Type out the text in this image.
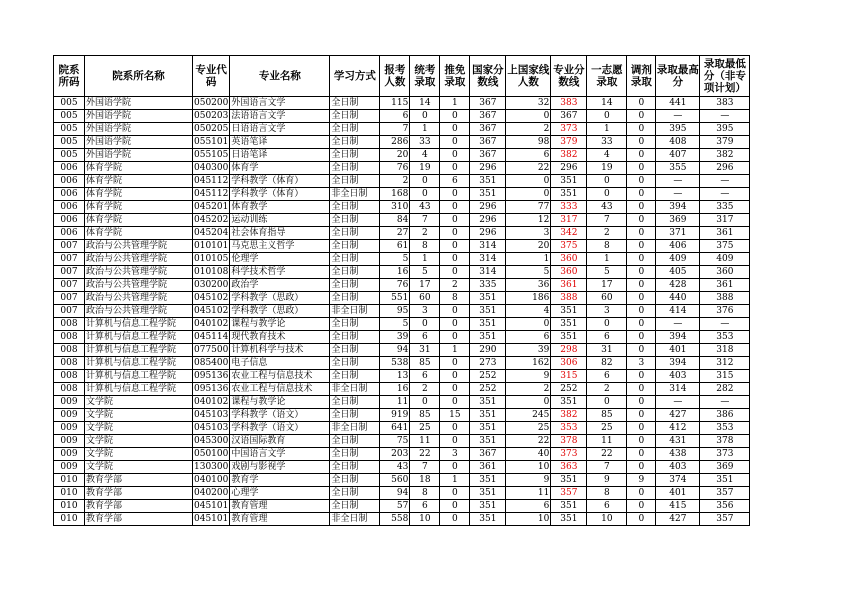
院系所码	院系所名称	专业代码	专业名称	学习方式	报考人数	统考录取	推免录取	国家分数线	上国家线人数	专业分数线	一志愿录取	调剂录取	录取最高分	录取最低分（非专项计划）
005	外国语学院	050200	外国语言文学	全日制	115	14	1	367	32	383	14	0	441	383
005	外国语学院	050203	法语语言文学	全日制	6	0	0	367	0	367	0	0	—	—
005	外国语学院	050205	日语语言文学	全日制	7	1	0	367	2	373	1	0	395	395
005	外国语学院	055101	英语笔译	全日制	286	33	0	367	98	379	33	0	408	379
005	外国语学院	055105	日语笔译	全日制	20	4	0	367	6	382	4	0	407	382
006	体育学院	040300	体育学	全日制	76	19	0	296	22	296	19	0	355	296
006	体育学院	045112	学科教学（体育）	全日制	2	0	6	351	0	351	0	0	—	—
006	体育学院	045112	学科教学（体育）	非全日制	168	0	0	351	0	351	0	0	—	—
006	体育学院	045201	体育教学	全日制	310	43	0	296	77	333	43	0	394	335
006	体育学院	045202	运动训练	全日制	84	7	0	296	12	317	7	0	369	317
006	体育学院	045204	社会体育指导	全日制	27	2	0	296	3	342	2	0	371	361
007	政治与公共管理学院	010101	马克思主义哲学	全日制	61	8	0	314	20	375	8	0	406	375
007	政治与公共管理学院	010105	伦理学	全日制	5	1	0	314	1	360	1	0	409	409
007	政治与公共管理学院	010108	科学技术哲学	全日制	16	5	0	314	5	360	5	0	405	360
007	政治与公共管理学院	030200	政治学	全日制	76	17	2	335	36	361	17	0	428	361
007	政治与公共管理学院	045102	学科教学（思政）	全日制	551	60	8	351	186	388	60	0	440	388
007	政治与公共管理学院	045102	学科教学（思政）	非全日制	95	3	0	351	4	351	3	0	414	376
008	计算机与信息工程学院	040102	课程与教学论	全日制	5	0	0	351	0	351	0	0	—	—
008	计算机与信息工程学院	045114	现代教育技术	全日制	39	6	0	351	6	351	6	0	394	353
008	计算机与信息工程学院	077500	计算机科学与技术	全日制	94	31	1	290	39	298	31	0	401	318
008	计算机与信息工程学院	085400	电子信息	全日制	538	85	0	273	162	306	82	3	394	312
008	计算机与信息工程学院	095136	农业工程与信息技术	全日制	13	6	0	252	9	315	6	0	403	315
008	计算机与信息工程学院	095136	农业工程与信息技术	非全日制	16	2	0	252	2	252	2	0	314	282
009	文学院	040102	课程与教学论	全日制	11	0	0	351	0	351	0	0	—	—
009	文学院	045103	学科教学（语文）	全日制	919	85	15	351	245	382	85	0	427	386
009	文学院	045103	学科教学（语文）	非全日制	641	25	0	351	25	353	25	0	412	353
009	文学院	045300	汉语国际教育	全日制	75	11	0	351	22	378	11	0	431	378
009	文学院	050100	中国语言文学	全日制	203	22	3	367	40	373	22	0	438	373
009	文学院	130300	戏剧与影视学	全日制	43	7	0	361	10	363	7	0	403	369
010	教育学部	040100	教育学	全日制	560	18	1	351	9	351	9	9	374	351
010	教育学部	040200	心理学	全日制	94	8	0	351	11	357	8	0	401	357
010	教育学部	045101	教育管理	全日制	57	6	0	351	6	351	6	0	415	356
010	教育学部	045101	教育管理	非全日制	558	10	0	351	10	351	10	0	427	357
